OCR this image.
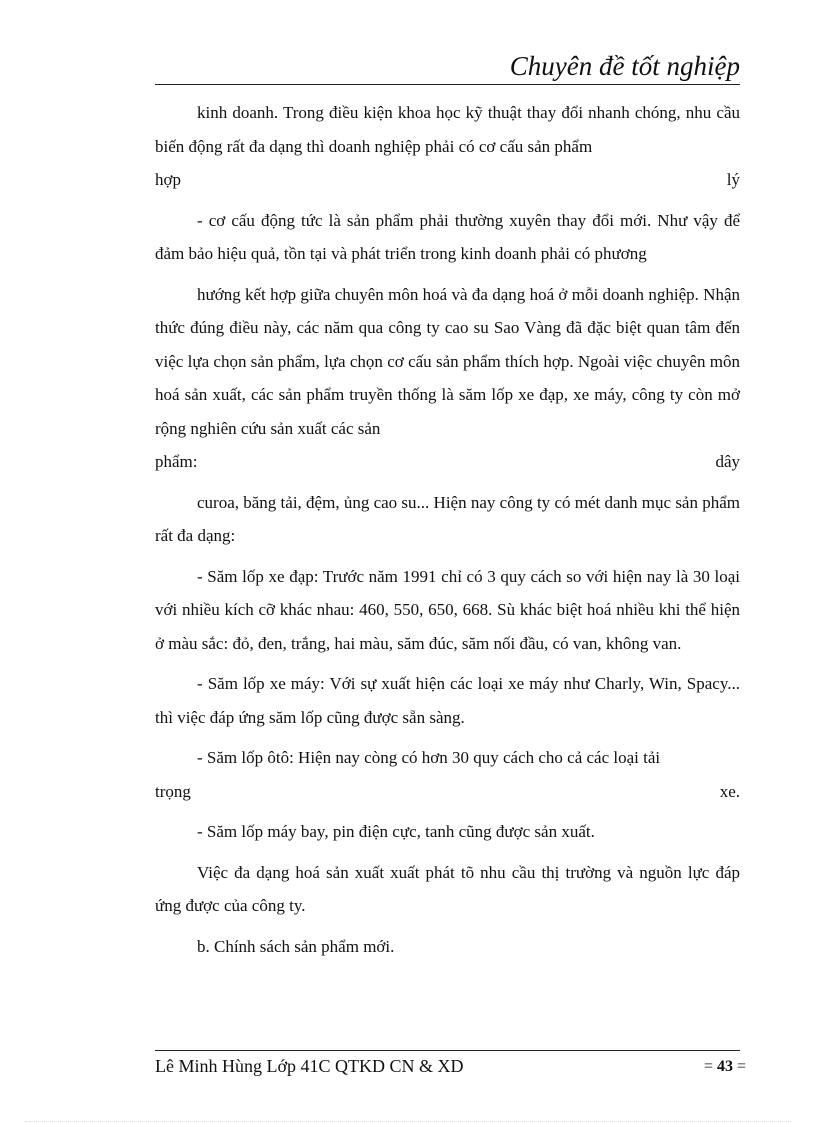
Chuyên đề tốt nghiệp
kinh doanh. Trong điều kiện khoa học kỹ thuật thay đổi nhanh chóng, nhu cầu biến động rất đa dạng thì doanh nghiệp phải có cơ cấu sản phẩm
hợp	lý
- cơ cấu động tức là sản phẩm phải thường xuyên thay đổi mới. Như vậy để đảm bảo hiệu quả, tồn tại và phát triển trong kinh doanh phải có phương
hướng kết hợp giữa chuyên môn hoá và đa dạng hoá ở mỗi doanh nghiệp. Nhận thức đúng điều này, các năm qua công ty cao su Sao Vàng đã đặc biệt quan tâm đến việc lựa chọn sản phẩm, lựa chọn cơ cấu sản phẩm thích hợp. Ngoài việc chuyên môn hoá sản xuất, các sản phẩm truyền thống là săm lốp xe đạp, xe máy, công ty còn mở rộng nghiên cứu sản xuất các sản
phẩm:	dây
curoa, băng tải, đệm, ủng cao su... Hiện nay công ty có mét danh mục sản phẩm rất đa dạng:
- Săm lốp xe đạp: Trước năm 1991 chỉ có 3 quy cách so với hiện nay là 30 loại với nhiều kích cỡ khác nhau: 460, 550, 650, 668. Sù khác biệt hoá nhiều khi thể hiện ở màu sắc: đỏ, đen, trắng, hai màu, săm đúc, săm nối đầu, có van, không van.
- Săm lốp xe máy: Với sự xuất hiện các loại xe máy như Charly, Win, Spacy... thì việc đáp ứng săm lốp cũng được sẵn sàng.
- Săm lốp ôtô: Hiện nay còng có hơn 30 quy cách cho cả các loại tải
trọng	xe.
- Săm lốp máy bay, pin điện cực, tanh cũng được sản xuất.
Việc đa dạng hoá sản xuất xuất phát tõ nhu cầu thị trường và nguồn lực đáp ứng được của công ty.
b. Chính sách sản phẩm mới.
Lê Minh Hùng Lớp 41C QTKD CN & XD	= 43 =
